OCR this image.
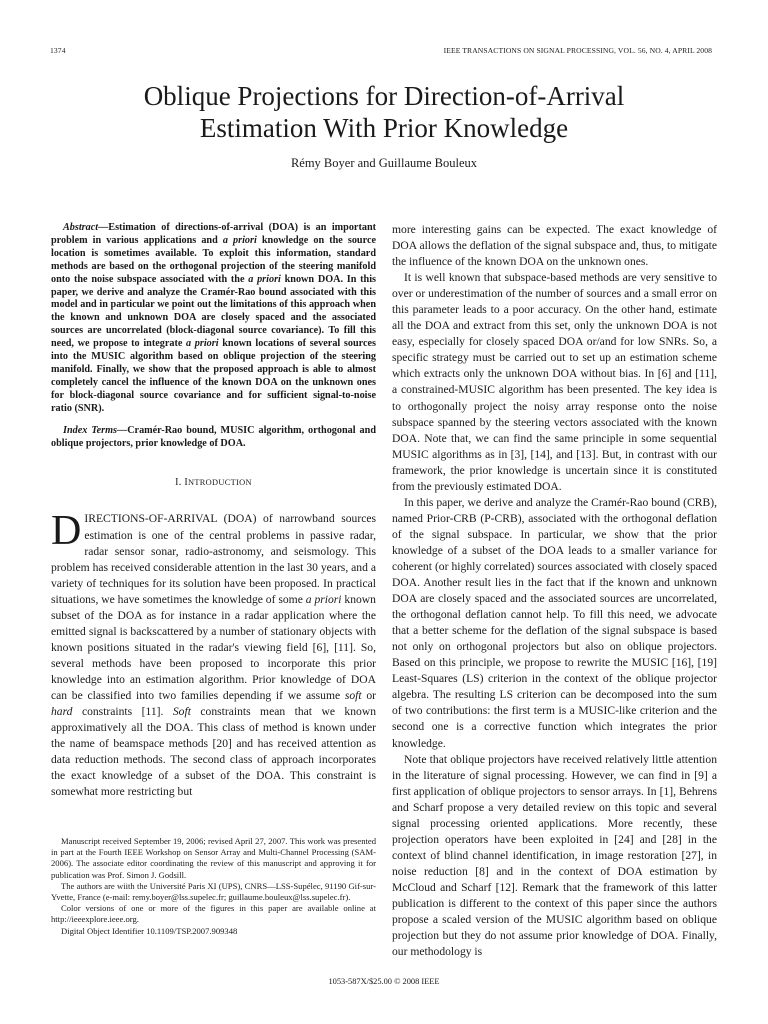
1374	IEEE TRANSACTIONS ON SIGNAL PROCESSING, VOL. 56, NO. 4, APRIL 2008
Oblique Projections for Direction-of-Arrival
Estimation With Prior Knowledge
Rémy Boyer and Guillaume Bouleux

Abstract—Estimation of directions-of-arrival (DOA) is an important problem in various applications and a priori knowledge on the source location is sometimes available. To exploit this information, standard methods are based on the orthogonal projection of the steering manifold onto the noise subspace associated with the a priori known DOA. In this paper, we derive and analyze the Cramér-Rao bound associated with this model and in particular we point out the limitations of this approach when the known and unknown DOA are closely spaced and the associated sources are uncorrelated (block-diagonal source covariance). To fill this need, we propose to integrate a priori known locations of several sources into the MUSIC algorithm based on oblique projection of the steering manifold. Finally, we show that the proposed approach is able to almost completely cancel the influence of the known DOA on the unknown ones for block-diagonal source covariance and for sufficient signal-to-noise ratio (SNR).

Index Terms—Cramér-Rao bound, MUSIC algorithm, orthogonal and oblique projectors, prior knowledge of DOA.

I. INTRODUCTION

DIRECTIONS-OF-ARRIVAL (DOA) of narrowband sources estimation is one of the central problems in passive radar, radar sensor sonar, radio-astronomy, and seismology. This problem has received considerable attention in the last 30 years, and a variety of techniques for its solution have been proposed. In practical situations, we have sometimes the knowledge of some a priori known subset of the DOA as for instance in a radar application where the emitted signal is backscattered by a number of stationary objects with known positions situated in the radar's viewing field [6], [11]. So, several methods have been proposed to incorporate this prior knowledge into an estimation algorithm. Prior knowledge of DOA can be classified into two families depending if we assume soft or hard constraints [11]. Soft constraints mean that we known approximatively all the DOA. This class of method is known under the name of beamspace methods [20] and has received attention as data reduction methods. The second class of approach incorporates the exact knowledge of a subset of the DOA. This constraint is somewhat more restricting but

Manuscript received September 19, 2006; revised April 27, 2007. This work was presented in part at the Fourth IEEE Workshop on Sensor Array and Multi-Channel Processing (SAM-2006). The associate editor coordinating the review of this manuscript and approving it for publication was Prof. Simon J. Godsill.

The authors are wiith the Université Paris XI (UPS), CNRS—LSS-Supélec, 91190 Gif-sur-Yvette, France (e-mail: remy.boyer@lss.supelec.fr; guillaume.bouleux@lss.supelec.fr).

Color versions of one or more of the figures in this paper are available online at http://ieeexplore.ieee.org.

Digital Object Identifier 10.1109/TSP.2007.909348

more interesting gains can be expected. The exact knowledge of DOA allows the deflation of the signal subspace and, thus, to mitigate the influence of the known DOA on the unknown ones.

It is well known that subspace-based methods are very sensitive to over or underestimation of the number of sources and a small error on this parameter leads to a poor accuracy. On the other hand, estimate all the DOA and extract from this set, only the unknown DOA is not easy, especially for closely spaced DOA or/and for low SNRs. So, a specific strategy must be carried out to set up an estimation scheme which extracts only the unknown DOA without bias. In [6] and [11], a constrained-MUSIC algorithm has been presented. The key idea is to orthogonally project the noisy array response onto the noise subspace spanned by the steering vectors associated with the known DOA. Note that, we can find the same principle in some sequential MUSIC algorithms as in [3], [14], and [13]. But, in contrast with our framework, the prior knowledge is uncertain since it is constituted from the previously estimated DOA.

In this paper, we derive and analyze the Cramér-Rao bound (CRB), named Prior-CRB (P-CRB), associated with the orthogonal deflation of the signal subspace. In particular, we show that the prior knowledge of a subset of the DOA leads to a smaller variance for coherent (or highly correlated) sources associated with closely spaced DOA. Another result lies in the fact that if the known and unknown DOA are closely spaced and the associated sources are uncorrelated, the orthogonal deflation cannot help. To fill this need, we advocate that a better scheme for the deflation of the signal subspace is based not only on orthogonal projectors but also on oblique projectors. Based on this principle, we propose to rewrite the MUSIC [16], [19] Least-Squares (LS) criterion in the context of the oblique projector algebra. The resulting LS criterion can be decomposed into the sum of two contributions: the first term is a MUSIC-like criterion and the second one is a corrective function which integrates the prior knowledge.

Note that oblique projectors have received relatively little attention in the literature of signal processing. However, we can find in [9] a first application of oblique projectors to sensor arrays. In [1], Behrens and Scharf propose a very detailed review on this topic and several signal processing oriented applications. More recently, these projection operators have been exploited in [24] and [28] in the context of blind channel identification, in image restoration [27], in noise reduction [8] and in the context of DOA estimation by McCloud and Scharf [12]. Remark that the framework of this latter publication is different to the context of this paper since the authors propose a scaled version of the MUSIC algorithm based on oblique projection but they do not assume prior knowledge of DOA. Finally, our methodology is

1053-587X/$25.00 © 2008 IEEE
